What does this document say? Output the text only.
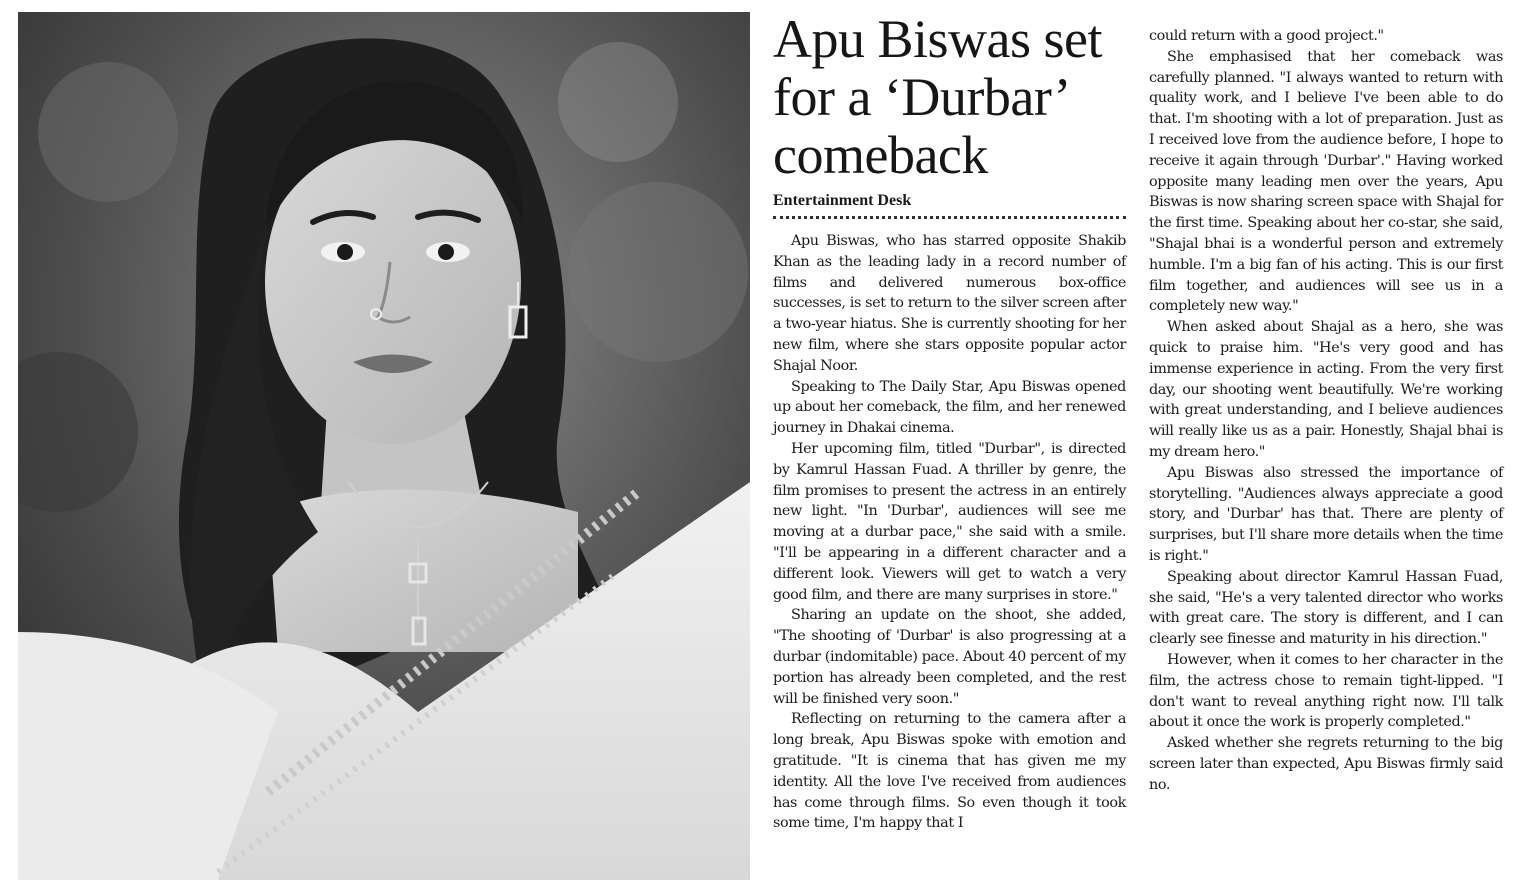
Apu Biswas set for a ‘Durbar’ comeback
Entertainment Desk

Apu Biswas, who has starred opposite Shakib Khan as the leading lady in a record number of films and delivered numerous box-office successes, is set to return to the silver screen after a two-year hiatus. She is currently shooting for her new film, where she stars opposite popular actor Shajal Noor.

Speaking to The Daily Star, Apu Biswas opened up about her comeback, the film, and her renewed journey in Dhakai cinema.

Her upcoming film, titled "Durbar", is directed by Kamrul Hassan Fuad. A thriller by genre, the film promises to present the actress in an entirely new light. "In 'Durbar', audiences will see me moving at a durbar pace," she said with a smile. "I'll be appearing in a different character and a different look. Viewers will get to watch a very good film, and there are many surprises in store."

Sharing an update on the shoot, she added, "The shooting of 'Durbar' is also progressing at a durbar (indomitable) pace. About 40 percent of my portion has already been completed, and the rest will be finished very soon."

Reflecting on returning to the camera after a long break, Apu Biswas spoke with emotion and gratitude. "It is cinema that has given me my identity. All the love I've received from audiences has come through films. So even though it took some time, I'm happy that I

could return with a good project."

She emphasised that her comeback was carefully planned. "I always wanted to return with quality work, and I believe I've been able to do that. I'm shooting with a lot of preparation. Just as I received love from the audience before, I hope to receive it again through 'Durbar'." Having worked opposite many leading men over the years, Apu Biswas is now sharing screen space with Shajal for the first time. Speaking about her co-star, she said, "Shajal bhai is a wonderful person and extremely humble. I'm a big fan of his acting. This is our first film together, and audiences will see us in a completely new way."

When asked about Shajal as a hero, she was quick to praise him. "He's very good and has immense experience in acting. From the very first day, our shooting went beautifully. We're working with great understanding, and I believe audiences will really like us as a pair. Honestly, Shajal bhai is my dream hero."

Apu Biswas also stressed the importance of storytelling. "Audiences always appreciate a good story, and 'Durbar' has that. There are plenty of surprises, but I'll share more details when the time is right."

Speaking about director Kamrul Hassan Fuad, she said, "He's a very talented director who works with great care. The story is different, and I can clearly see finesse and maturity in his direction."

However, when it comes to her character in the film, the actress chose to remain tight-lipped. "I don't want to reveal anything right now. I'll talk about it once the work is properly completed."

Asked whether she regrets returning to the big screen later than expected, Apu Biswas firmly said no.
